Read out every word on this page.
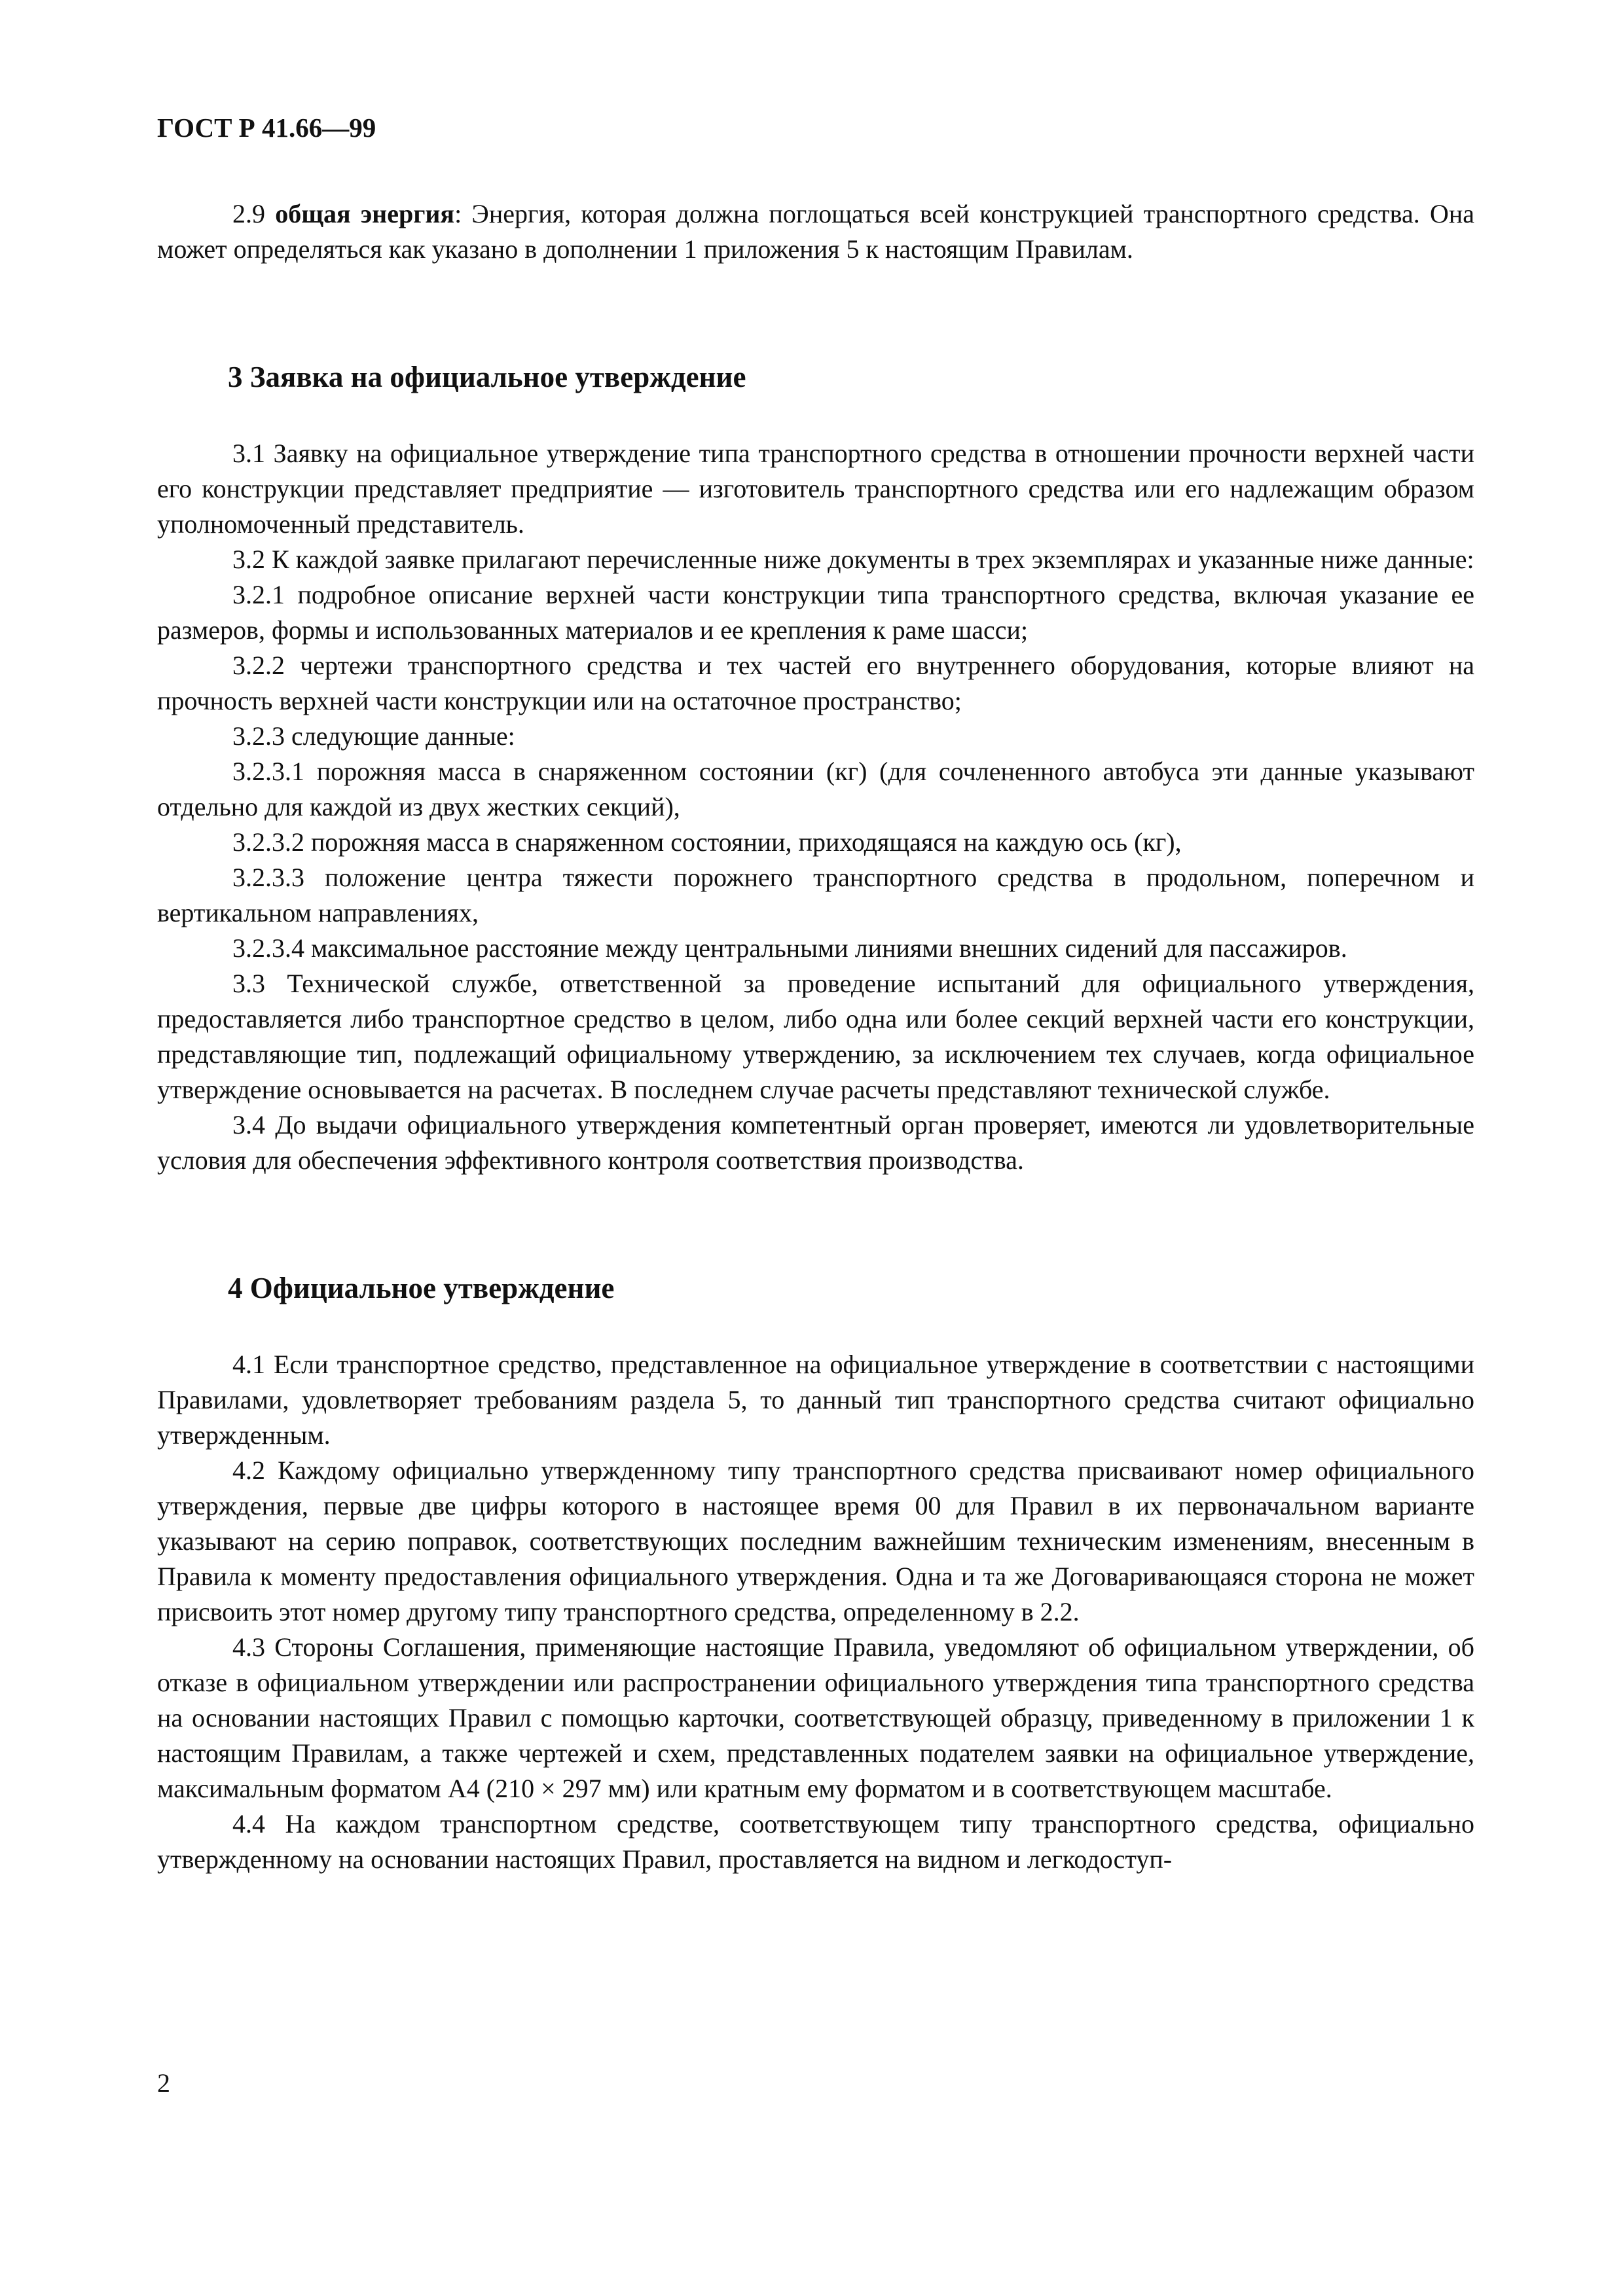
ГОСТ Р 41.66—99

2.9 общая энергия: Энергия, которая должна поглощаться всей конструкцией транспортного средства. Она может определяться как указано в дополнении 1 приложения 5 к настоящим Правилам.

3 Заявка на официальное утверждение

3.1 Заявку на официальное утверждение типа транспортного средства в отношении прочности верхней части его конструкции представляет предприятие — изготовитель транспортного средства или его надлежащим образом уполномоченный представитель.

3.2 К каждой заявке прилагают перечисленные ниже документы в трех экземплярах и указанные ниже данные:

3.2.1 подробное описание верхней части конструкции типа транспортного средства, включая указание ее размеров, формы и использованных материалов и ее крепления к раме шасси;

3.2.2 чертежи транспортного средства и тех частей его внутреннего оборудования, которые влияют на прочность верхней части конструкции или на остаточное пространство;

3.2.3 следующие данные:

3.2.3.1 порожняя масса в снаряженном состоянии (кг) (для сочлененного автобуса эти данные указывают отдельно для каждой из двух жестких секций),

3.2.3.2 порожняя масса в снаряженном состоянии, приходящаяся на каждую ось (кг),

3.2.3.3 положение центра тяжести порожнего транспортного средства в продольном, поперечном и вертикальном направлениях,

3.2.3.4 максимальное расстояние между центральными линиями внешних сидений для пассажиров.

3.3 Технической службе, ответственной за проведение испытаний для официального утверждения, предоставляется либо транспортное средство в целом, либо одна или более секций верхней части его конструкции, представляющие тип, подлежащий официальному утверждению, за исключением тех случаев, когда официальное утверждение основывается на расчетах. В последнем случае расчеты представляют технической службе.

3.4 До выдачи официального утверждения компетентный орган проверяет, имеются ли удовлетворительные условия для обеспечения эффективного контроля соответствия производства.

4 Официальное утверждение

4.1 Если транспортное средство, представленное на официальное утверждение в соответствии с настоящими Правилами, удовлетворяет требованиям раздела 5, то данный тип транспортного средства считают официально утвержденным.

4.2 Каждому официально утвержденному типу транспортного средства присваивают номер официального утверждения, первые две цифры которого в настоящее время 00 для Правил в их первоначальном варианте указывают на серию поправок, соответствующих последним важнейшим техническим изменениям, внесенным в Правила к моменту предоставления официального утверждения. Одна и та же Договаривающаяся сторона не может присвоить этот номер другому типу транспортного средства, определенному в 2.2.

4.3 Стороны Соглашения, применяющие настоящие Правила, уведомляют об официальном утверждении, об отказе в официальном утверждении или распространении официального утверждения типа транспортного средства на основании настоящих Правил с помощью карточки, соответствующей образцу, приведенному в приложении 1 к настоящим Правилам, а также чертежей и схем, представленных подателем заявки на официальное утверждение, максимальным форматом А4 (210 × 297 мм) или кратным ему форматом и в соответствующем масштабе.

4.4 На каждом транспортном средстве, соответствующем типу транспортного средства, официально утвержденному на основании настоящих Правил, проставляется на видном и легкодоступ-

2
